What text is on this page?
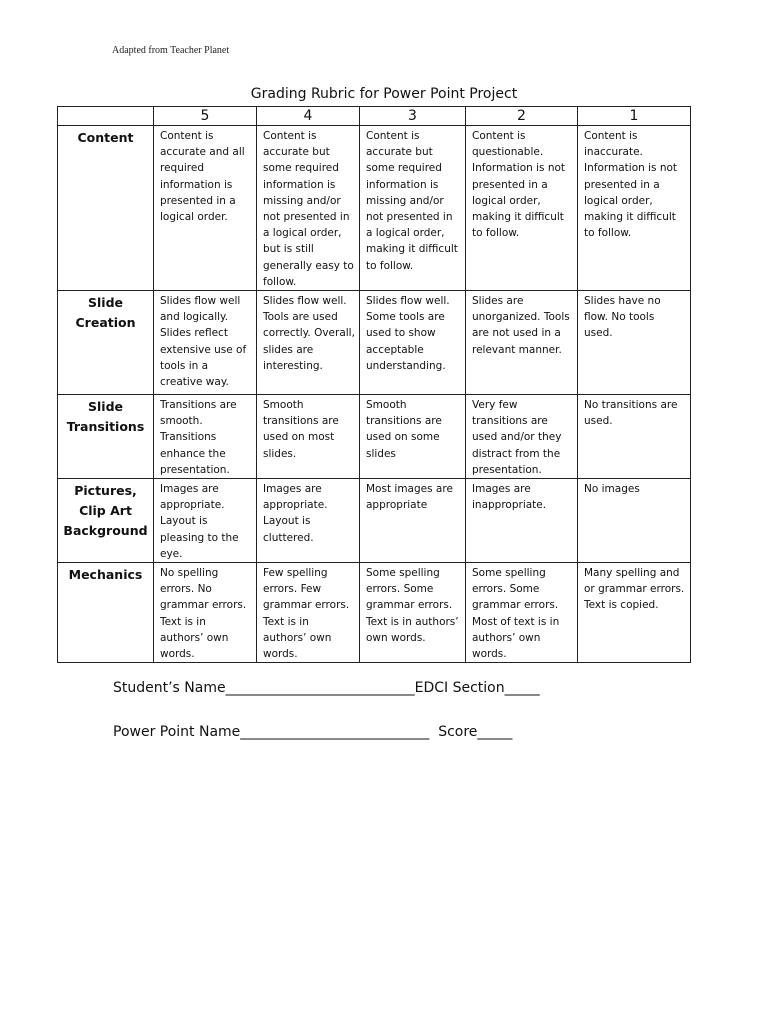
Adapted from Teacher Planet
Grading Rubric for Power Point Project
	5	4	3	2	1
Content	Content is accurate and all required information is presented in a logical order.	Content is accurate but some required information is missing and/or not presented in a logical order, but is still generally easy to follow.	Content is accurate but some required information is missing and/or not presented in a logical order, making it difficult to follow.	Content is questionable. Information is not presented in a logical order, making it difficult to follow.	Content is inaccurate. Information is not presented in a logical order, making it difficult to follow.
Slide Creation	Slides flow well and logically. Slides reflect extensive use of tools in a creative way.	Slides flow well. Tools are used correctly. Overall, slides are interesting.	Slides flow well. Some tools are used to show acceptable understanding.	Slides are unorganized. Tools are not used in a relevant manner.	Slides have no flow. No tools used.
Slide Transitions	Transitions are smooth. Transitions enhance the presentation.	Smooth transitions are used on most slides.	Smooth transitions are used on some slides	Very few transitions are used and/or they distract from the presentation.	No transitions are used.
Pictures, Clip Art Background	Images are appropriate. Layout is pleasing to the eye.	Images are appropriate. Layout is cluttered.	Most images are appropriate	Images are inappropriate.	No images
Mechanics	No spelling errors. No grammar errors. Text is in authors’ own words.	Few spelling errors. Few grammar errors. Text is in authors’ own words.	Some spelling errors. Some grammar errors. Text is in authors’ own words.	Some spelling errors. Some grammar errors. Most of text is in authors’ own words.	Many spelling and or grammar errors. Text is copied.
Student’s Name___________________________EDCI Section_____
Power Point Name___________________________  Score_____
